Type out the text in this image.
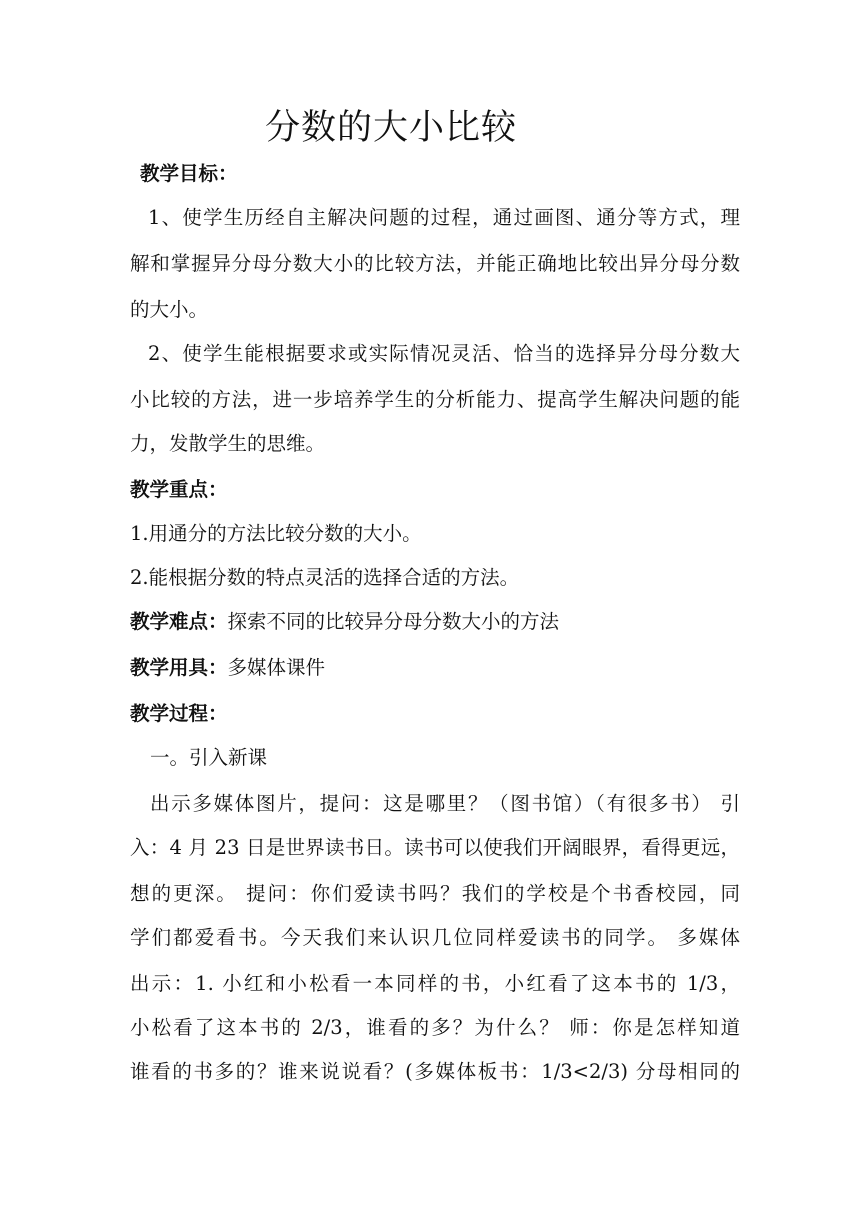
分数的大小比较
教学目标：
1、使学生历经自主解决问题的过程，通过画图、通分等方式，理
解和掌握异分母分数大小的比较方法，并能正确地比较出异分母分数
的大小。
2、使学生能根据要求或实际情况灵活、恰当的选择异分母分数大
小比较的方法，进一步培养学生的分析能力、提高学生解决问题的能
力，发散学生的思维。
教学重点：
1.用通分的方法比较分数的大小。
2.能根据分数的特点灵活的选择合适的方法。
教学难点：探索不同的比较异分母分数大小的方法
教学用具：多媒体课件
教学过程：
一。引入新课
出示多媒体图片，提问：这是哪里？（图书馆）（有很多书） 引
入：4 月 23 日是世界读书日。读书可以使我们开阔眼界，看得更远，
想的更深。 提问：你们爱读书吗？我们的学校是个书香校园，同
学们都爱看书。今天我们来认识几位同样爱读书的同学。 多媒体
出示：1. 小红和小松看一本同样的书，小红看了这本书的 1/3，
小松看了这本书的 2/3，谁看的多？为什么？ 师：你是怎样知道
谁看的书多的？谁来说说看？(多媒体板书：1/3<2/3) 分母相同的
